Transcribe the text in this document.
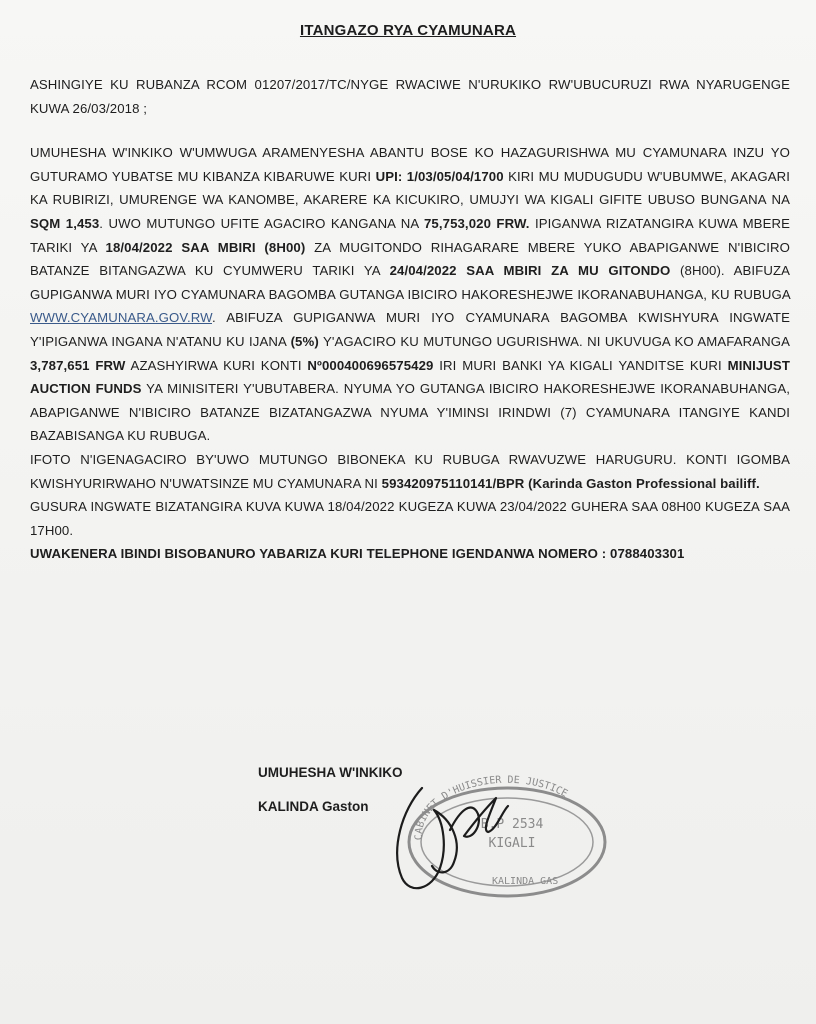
ITANGAZO RYA CYAMUNARA

ASHINGIYE KU RUBANZA RCOM 01207/2017/TC/NYGE RWACIWE N'URUKIKO RW'UBUCURUZI RWA NYARUGENGE KUWA 26/03/2018 ;

UMUHESHA W'INKIKO W'UMWUGA ARAMENYESHA ABANTU BOSE KO HAZAGURISHWA MU CYAMUNARA INZU YO GUTURAMO YUBATSE MU KIBANZA KIBARUWE KURI UPI: 1/03/05/04/1700 KIRI MU MUDUGUDU W'UBUMWE, AKAGARI KA RUBIRIZI, UMURENGE WA KANOMBE, AKARERE KA KICUKIRO, UMUJYI WA KIGALI GIFITE UBUSO BUNGANA NA SQM 1,453. UWO MUTUNGO UFITE AGACIRO KANGANA NA 75,753,020 FRW. IPIGANWA RIZATANGIRA KUWA MBERE TARIKI YA 18/04/2022 SAA MBIRI (8H00) ZA MUGITONDO RIHAGARARE MBERE YUKO ABAPIGANWE N'IBICIRO BATANZE BITANGAZWA KU CYUMWERU TARIKI YA 24/04/2022 SAA MBIRI ZA MU GITONDO (8H00). ABIFUZA GUPIGANWA MURI IYO CYAMUNARA BAGOMBA GUTANGA IBICIRO HAKORESHEJWE IKORANABUHANGA, KU RUBUGA WWW.CYAMUNARA.GOV.RW. ABIFUZA GUPIGANWA MURI IYO CYAMUNARA BAGOMBA KWISHYURA INGWATE Y'IPIGANWA INGANA N'ATANU KU IJANA (5%) Y'AGACIRO KU MUTUNGO UGURISHWA. NI UKUVUGA KO AMAFARANGA 3,787,651 FRW AZASHYIRWA KURI KONTI Nº000400696575429 IRI MURI BANKI YA KIGALI YANDITSE KURI MINIJUST AUCTION FUNDS YA MINISITERI Y'UBUTABERA. NYUMA YO GUTANGA IBICIRO HAKORESHEJWE IKORANABUHANGA, ABAPIGANWE N'IBICIRO BATANZE BIZATANGAZWA NYUMA Y'IMINSI IRINDWI (7) CYAMUNARA ITANGIYE KANDI BAZABISANGA KU RUBUGA.

IFOTO N'IGENAGACIRO BY'UWO MUTUNGO BIBONEKA KU RUBUGA RWAVUZWE HARUGURU. KONTI IGOMBA KWISHYURIRWAHO N'UWATSINZE MU CYAMUNARA NI 593420975110141/BPR (Karinda Gaston Professional bailiff.

GUSURA INGWATE BIZATANGIRA KUVA KUWA 18/04/2022 KUGEZA KUWA 23/04/2022 GUHERA SAA 08H00 KUGEZA SAA 17H00.

UWAKENERA IBINDI BISOBANURO YABARIZA KURI TELEPHONE IGENDANWA NOMERO : 0788403301

UMUHESHA W'INKIKO
KALINDA Gaston
CABINET D'HUISSIER DE JUSTICE
B.P 2534
KIGALI
KALINDA GAS
